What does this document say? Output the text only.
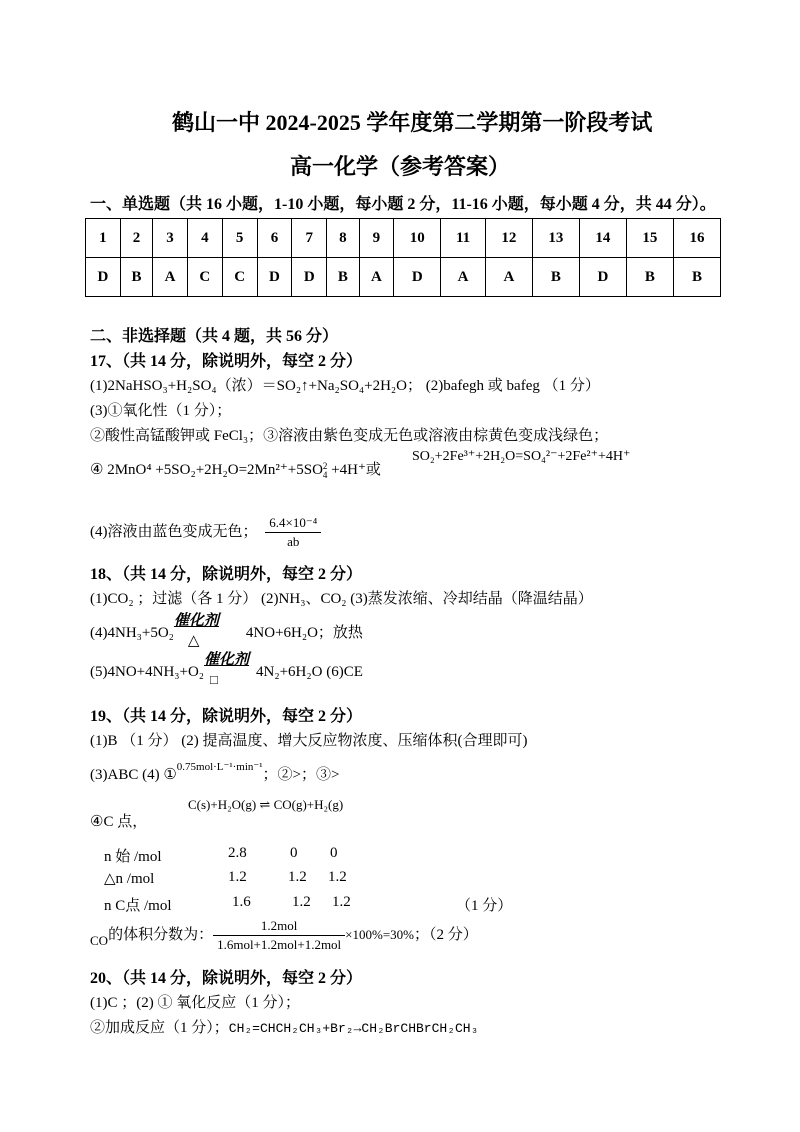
鹤山一中 2024-2025 学年度第二学期第一阶段考试
高一化学（参考答案）
一、单选题（共 16 小题，1-10 小题，每小题 2 分，11-16 小题，每小题 4 分，共 44 分）。
1	2	3	4	5	6	7	8	9	10	11	12	13	14	15	16
D	B	A	C	C	D	D	B	A	D	A	A	B	D	B	B
二、非选择题（共 4 题，共 56 分）
17、（共 14 分，除说明外，每空 2 分）
(1)2NaHSO₃+H₂SO₄（浓）＝SO₂↑+Na₂SO₄+2H₂O； (2)bafegh 或 bafeg （1 分）
(3)①氧化性（1 分）；
②酸性高锰酸钾或 FeCl₃；③溶液由紫色变成无色或溶液由棕黄色变成浅绿色；
④ 2MnO⁴ +5SO₂+2H₂O=2Mn²⁺+5SO 2
4 +4H⁺或
SO₂+2Fe³⁺+2H₂O=SO₄²⁻+2Fe²⁺+4H⁺
(4)溶液由蓝色变成无色； $\frac{\text{6.4×10⁻⁴}}{ab}$
18、（共 14 分，除说明外，每空 2 分）
(1)CO₂ ；过滤（各 1 分） (2)NH₃、CO₂ (3)蒸发浓缩、冷却结晶（降温结晶）
(4)4NH₃+5O₂
催化剂
△	4NO+6H₂O；放热
(5)4NO+4NH₃+O₂
催化剂
□	4N₂+6H₂O (6)CE
19、（共 14 分，除说明外，每空 2 分）
(1)B （1 分） (2) 提高温度、增大反应物浓度、压缩体积(合理即可)
(3)ABC (4) ①$^{0.75mol\cdot L^{-1}\cdot min^{-1}}$；②>；③>
C(s)+H₂O(g) ⇌ CO(g)+H₂(g)
④C 点，
n 始 /mol	2.8	0 0
△n /mol	1.2	1.2 1.2
n C点 /mol	1.6	1.2 1.2	（1 分）
CO的体积分数为： $\frac{\text{1.2mol}}{\text{1.6mol+1.2mol+1.2mol}} \times 100\%=30\%$；（2 分）
20、（共 14 分，除说明外，每空 2 分）
(1)C ；(2) ① 氧化反应（1 分）；
②加成反应（1 分）；CH₂=CHCH₂CH₃+Br₂→CH₂BrCHBrCH₂CH₃
